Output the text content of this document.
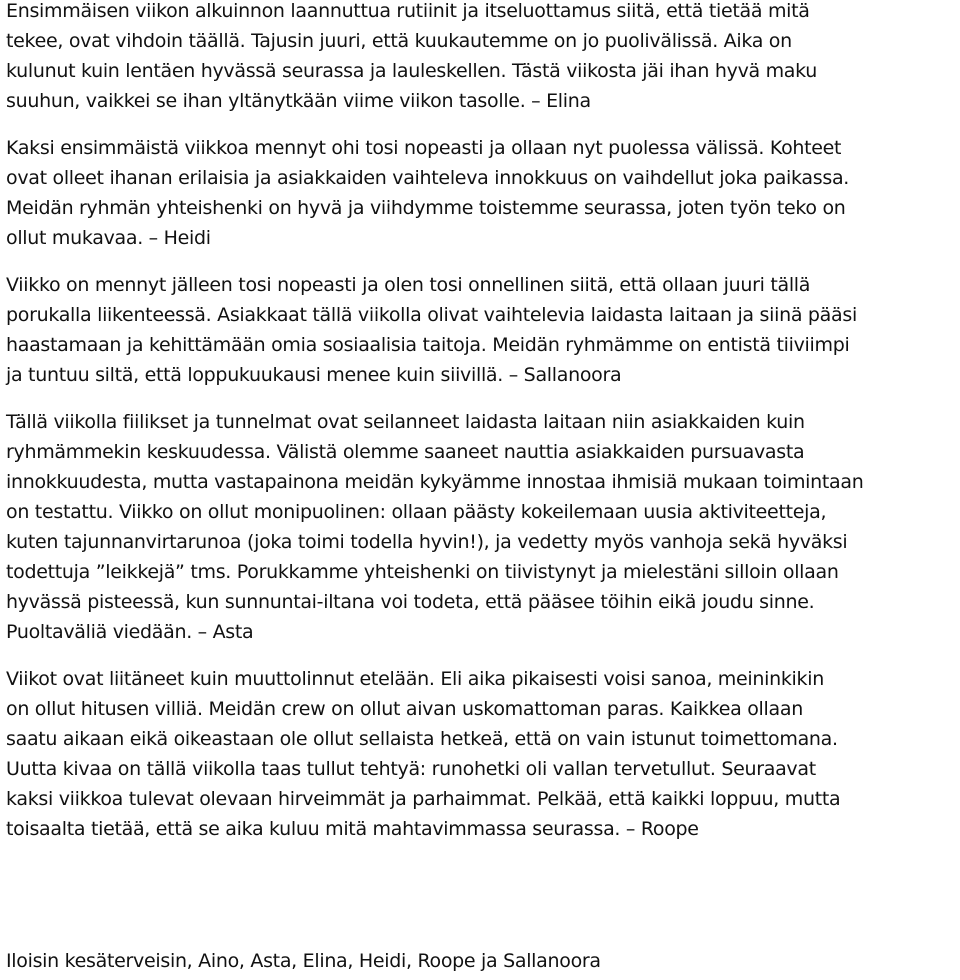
Ensimmäisen viikon alkuinnon laannuttua rutiinit ja itseluottamus siitä, että tietää mitä
tekee, ovat vihdoin täällä. Tajusin juuri, että kuukautemme on jo puolivälissä. Aika on
kulunut kuin lentäen hyvässä seurassa ja lauleskellen. Tästä viikosta jäi ihan hyvä maku
suuhun, vaikkei se ihan yltänytkään viime viikon tasolle. – Elina

Kaksi ensimmäistä viikkoa mennyt ohi tosi nopeasti ja ollaan nyt puolessa välissä. Kohteet
ovat olleet ihanan erilaisia ja asiakkaiden vaihteleva innokkuus on vaihdellut joka paikassa.
Meidän ryhmän yhteishenki on hyvä ja viihdymme toistemme seurassa, joten työn teko on
ollut mukavaa. – Heidi

Viikko on mennyt jälleen tosi nopeasti ja olen tosi onnellinen siitä, että ollaan juuri tällä
porukalla liikenteessä. Asiakkaat tällä viikolla olivat vaihtelevia laidasta laitaan ja siinä pääsi
haastamaan ja kehittämään omia sosiaalisia taitoja. Meidän ryhmämme on entistä tiiviimpi
ja tuntuu siltä, että loppukuukausi menee kuin siivillä. – Sallanoora

Tällä viikolla fiilikset ja tunnelmat ovat seilanneet laidasta laitaan niin asiakkaiden kuin
ryhmämmekin keskuudessa. Välistä olemme saaneet nauttia asiakkaiden pursuavasta
innokkuudesta, mutta vastapainona meidän kykyämme innostaa ihmisiä mukaan toimintaan
on testattu. Viikko on ollut monipuolinen: ollaan päästy kokeilemaan uusia aktiviteetteja,
kuten tajunnanvirtarunoa (joka toimi todella hyvin!), ja vedetty myös vanhoja sekä hyväksi
todettuja ”leikkejä” tms. Porukkamme yhteishenki on tiivistynyt ja mielestäni silloin ollaan
hyvässä pisteessä, kun sunnuntai-iltana voi todeta, että pääsee töihin eikä joudu sinne.
Puoltaväliä viedään. – Asta

Viikot ovat liitäneet kuin muuttolinnut etelään. Eli aika pikaisesti voisi sanoa, meininkikin
on ollut hitusen villiä. Meidän crew on ollut aivan uskomattoman paras. Kaikkea ollaan
saatu aikaan eikä oikeastaan ole ollut sellaista hetkeä, että on vain istunut toimettomana.
Uutta kivaa on tällä viikolla taas tullut tehtyä: runohetki oli vallan tervetullut. Seuraavat
kaksi viikkoa tulevat olevaan hirveimmät ja parhaimmat. Pelkää, että kaikki loppuu, mutta
toisaalta tietää, että se aika kuluu mitä mahtavimmassa seurassa. – Roope

Iloisin kesäterveisin, Aino, Asta, Elina, Heidi, Roope ja Sallanoora
